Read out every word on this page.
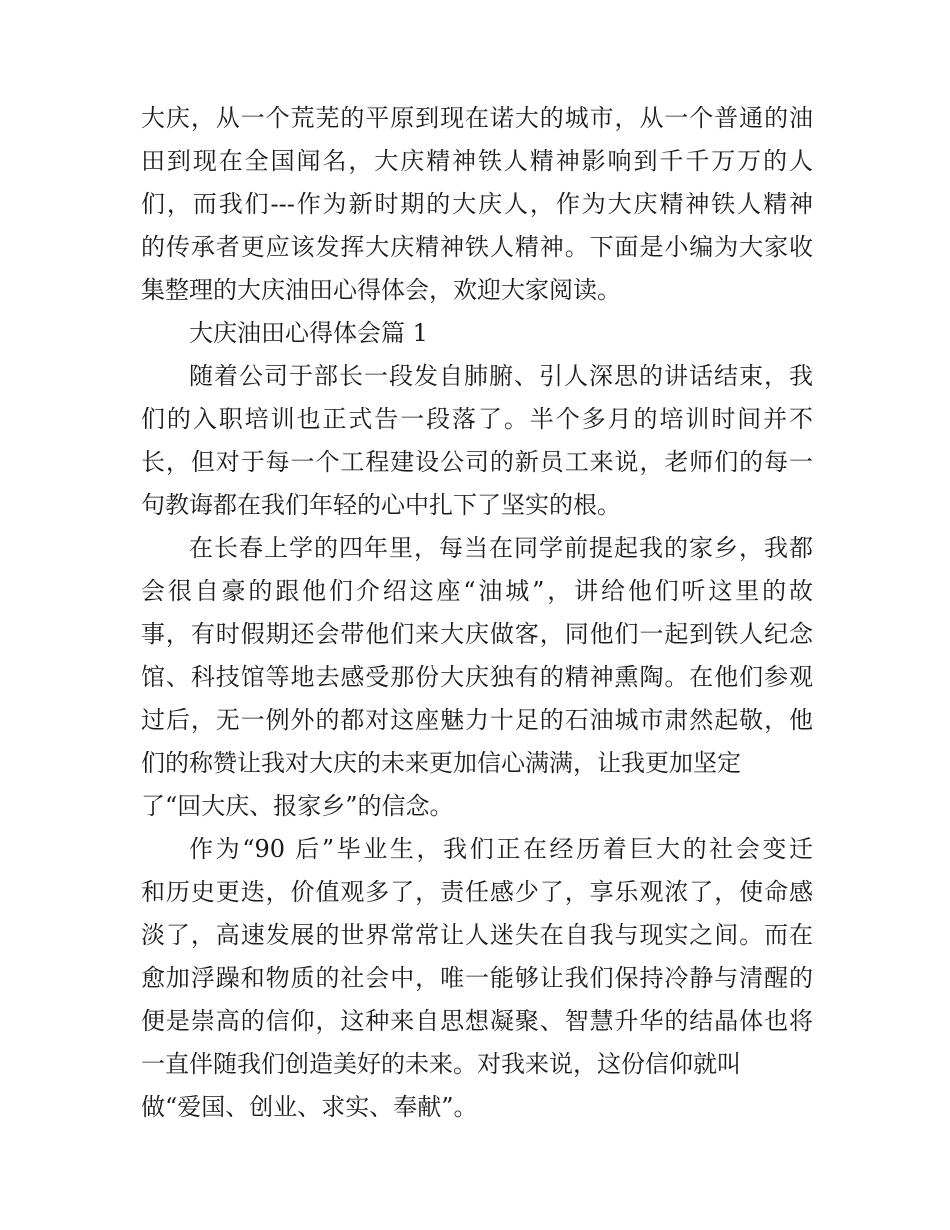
大庆，从一个荒芜的平原到现在诺大的城市，从一个普通的油
田到现在全国闻名，大庆精神铁人精神影响到千千万万的人
们，而我们---作为新时期的大庆人，作为大庆精神铁人精神
的传承者更应该发挥大庆精神铁人精神。下面是小编为大家收
集整理的大庆油田心得体会，欢迎大家阅读。
大庆油田心得体会篇 1
随着公司于部长一段发自肺腑、引人深思的讲话结束，我
们的入职培训也正式告一段落了。半个多月的培训时间并不
长，但对于每一个工程建设公司的新员工来说，老师们的每一
句教诲都在我们年轻的心中扎下了坚实的根。
在长春上学的四年里，每当在同学前提起我的家乡，我都
会很自豪的跟他们介绍这座“油城”，讲给他们听这里的故
事，有时假期还会带他们来大庆做客，同他们一起到铁人纪念
馆、科技馆等地去感受那份大庆独有的精神熏陶。在他们参观
过后，无一例外的都对这座魅力十足的石油城市肃然起敬，他
们的称赞让我对大庆的未来更加信心满满，让我更加坚定
了“回大庆、报家乡”的信念。
作为“90 后”毕业生，我们正在经历着巨大的社会变迁
和历史更迭，价值观多了，责任感少了，享乐观浓了，使命感
淡了，高速发展的世界常常让人迷失在自我与现实之间。而在
愈加浮躁和物质的社会中，唯一能够让我们保持冷静与清醒的
便是崇高的信仰，这种来自思想凝聚、智慧升华的结晶体也将
一直伴随我们创造美好的未来。对我来说，这份信仰就叫
做“爱国、创业、求实、奉献”。
